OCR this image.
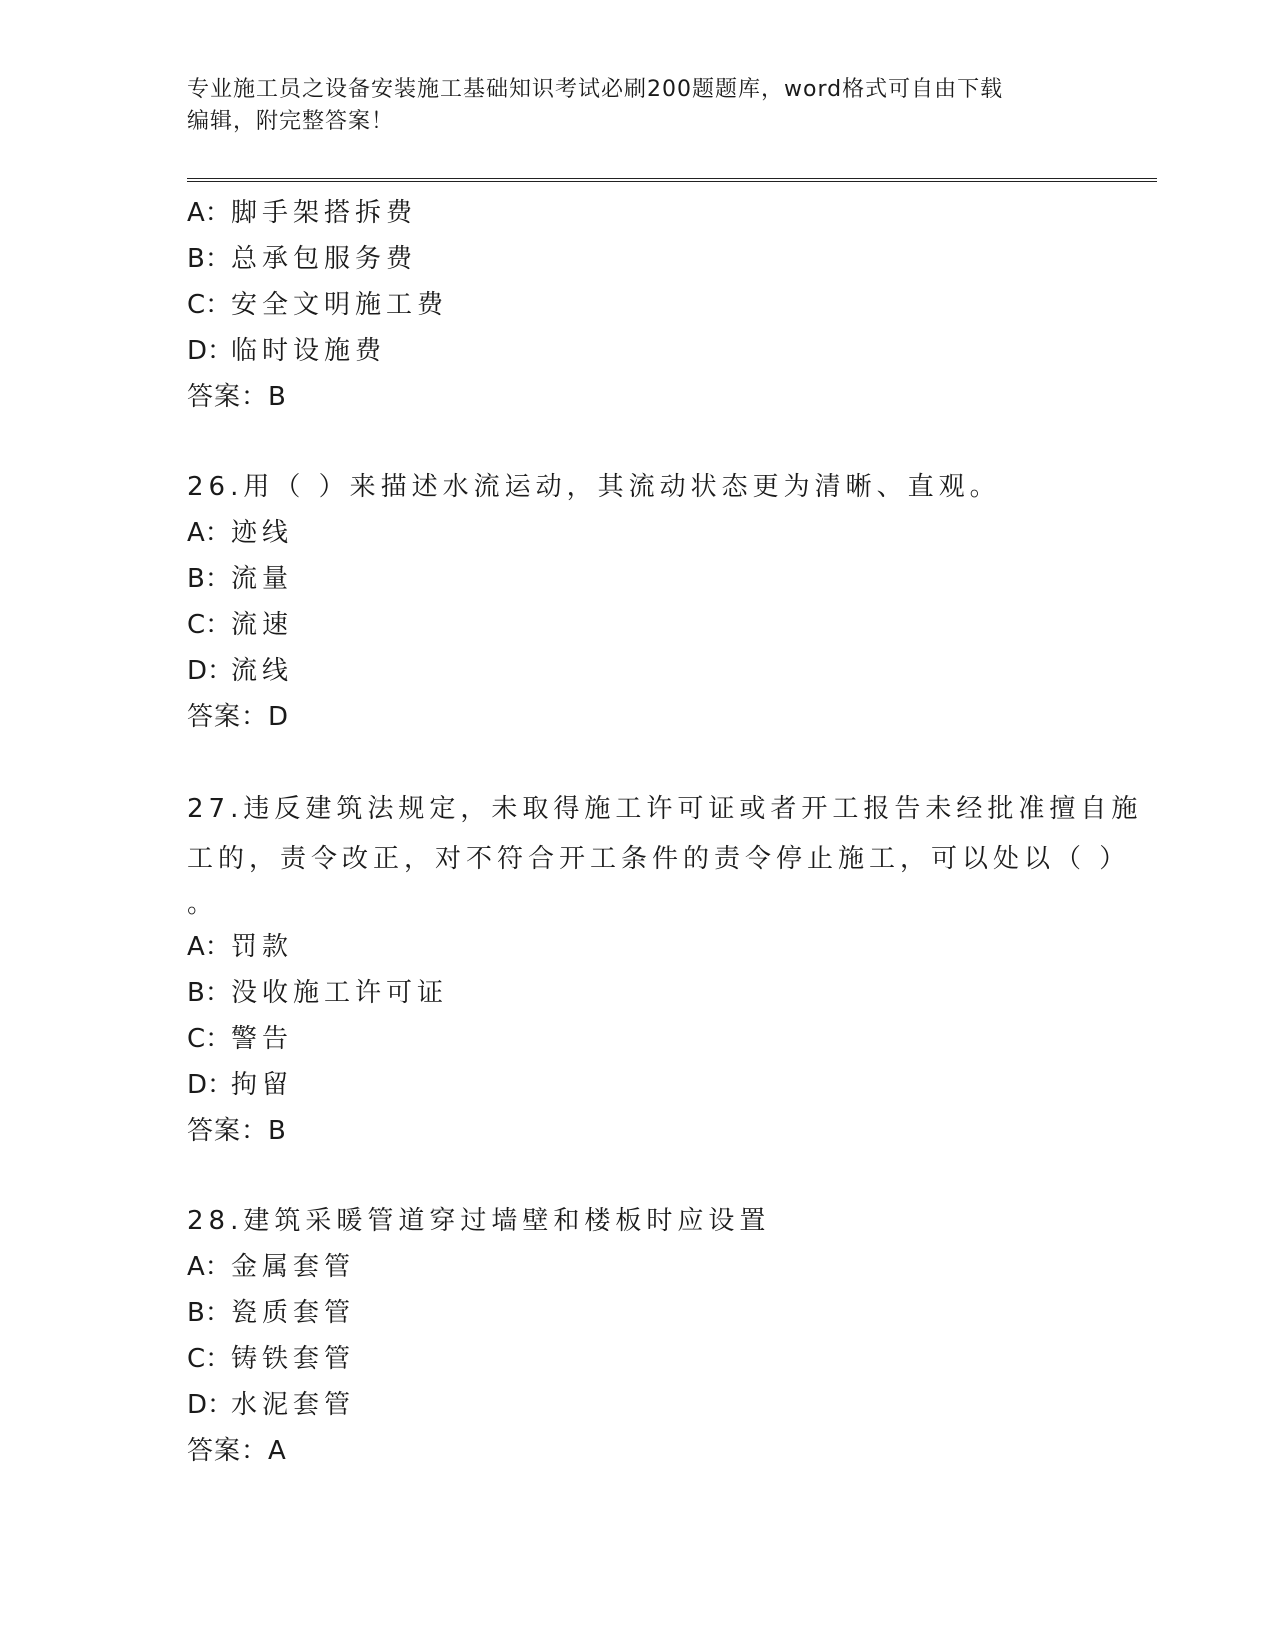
专业施工员之设备安装施工基础知识考试必刷200题题库，word格式可自由下载
编辑，附完整答案！
A：脚手架搭拆费
B：总承包服务费
C：安全文明施工费
D：临时设施费
答案：B
26.用（ ）来描述水流运动，其流动状态更为清晰、直观。
A：迹线
B：流量
C：流速
D：流线
答案：D
27.违反建筑法规定，未取得施工许可证或者开工报告未经批准擅自施
工的，责令改正，对不符合开工条件的责令停止施工，可以处以（ ）
。
A：罚款
B：没收施工许可证
C：警告
D：拘留
答案：B
28.建筑采暖管道穿过墙壁和楼板时应设置
A：金属套管
B：瓷质套管
C：铸铁套管
D：水泥套管
答案：A
